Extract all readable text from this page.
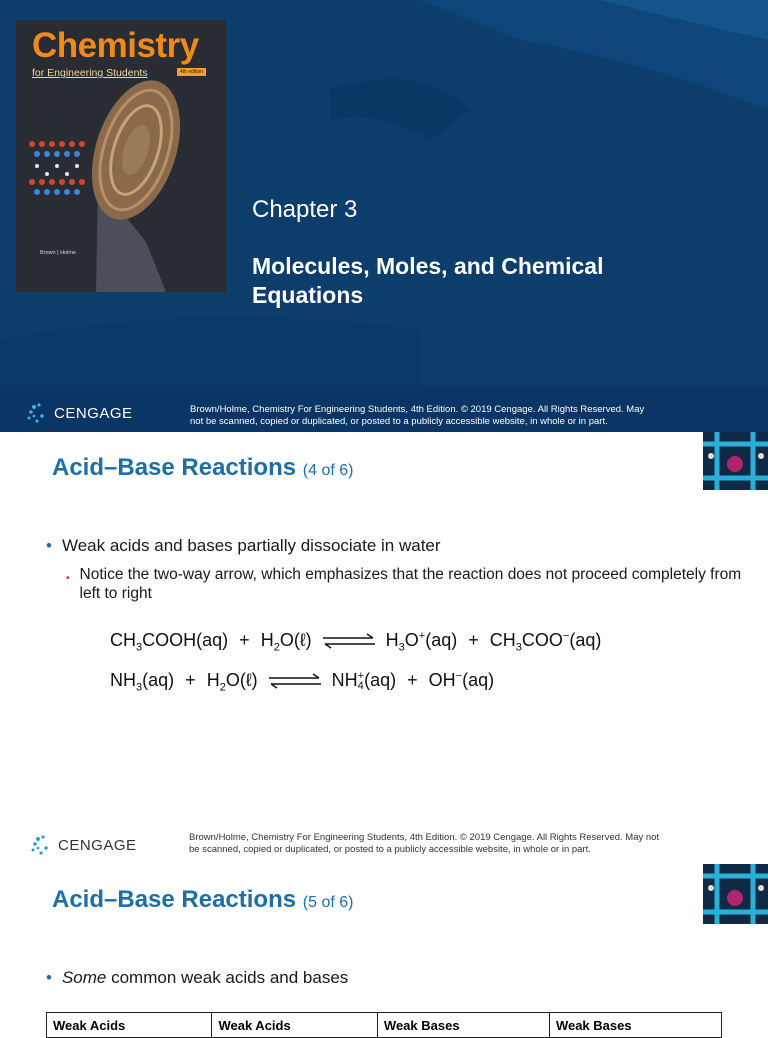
Chemistry
for Engineering Students	4th edition
Brown | Holme
Chapter 3
Molecules, Moles, and Chemical Equations
CENGAGE	Brown/Holme, Chemistry For Engineering Students, 4th Edition. © 2019 Cengage. All Rights Reserved. May
not be scanned, copied or duplicated, or posted to a publicly accessible website, in whole or in part.
Acid–Base Reactions (4 of 6)
• Weak acids and bases partially dissociate in water
• Notice the two-way arrow, which emphasizes that the reaction does not proceed completely from left to right
$CH_3COOH(aq)$ + $H_2O(\ell)$ ⇌ $H_3O^+(aq) + CH_3COO^-(aq)$
$NH_3(aq)$ + $H_2O(\ell)$ ⇌ NH +
4 (aq) + OH−(aq)
CENGAGE	Brown/Holme, Chemistry For Engineering Students, 4th Edition. © 2019 Cengage. All Rights Reserved. May not
be scanned, copied or duplicated, or posted to a publicly accessible website, in whole or in part.
Acid–Base Reactions (5 of 6)
• Some common weak acids and bases
Weak Acids	Weak Acids	Weak Bases	Weak Bases
